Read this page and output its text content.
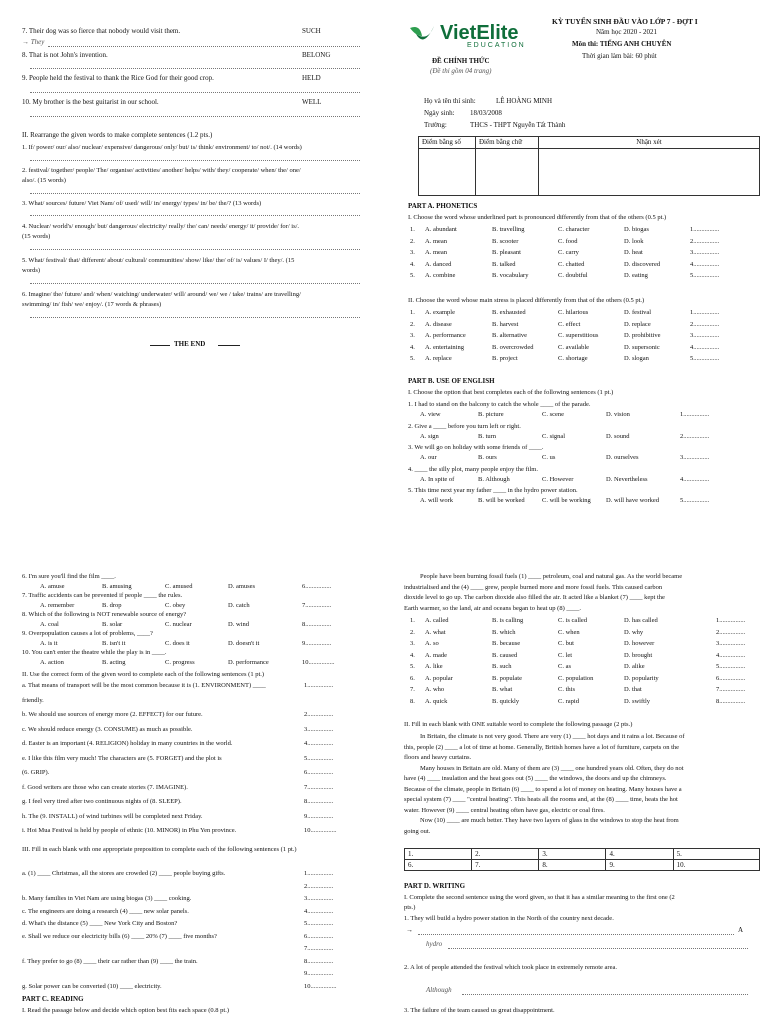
7. Their dog was so fierce that nobody would visit them.	SUCH
→ They
8. That is not John's invention.	BELONG
9. People held the festival to thank the Rice God for their good crop.	HELD
10. My brother is the best guitarist in our school.	WELL
II. Rearrange the given words to make complete sentences (1.2 pts.)
1. If/ power/ our/ also/ nuclear/ expensive/ dangerous/ only/ but/ is/ think/ environment/ to/ not/. (14 words)
2. festival/ together/ people/ The/ organise/ activities/ another/ helps/ with/ they/ cooperate/ when/ the/ one/
also/. (15 words)
3. What/ sources/ future/ Viet Nam/ of/ used/ will/ in/ energy/ types/ in/ be/ the/? (13 words)
4. Nuclear/ world's/ enough/ but/ dangerous/ electricity/ really/ the/ can/ needs/ energy/ it/ provide/ for/ is/.
(15 words)
5. What/ festival/ that/ different/ about/ cultural/ communities/ show/ like/ the/ of/ is/ values/ I/ they/. (15
words)
6. Imagine/ the/ future/ and/ when/ watching/ underwater/ will/ around/ we/ we / take/ trains/ are travelling/
swimming/ in/ fish/ we/ enjoy/. (17 words & phrases)
THE END
VietElite
EDUCATION
KỲ TUYỂN SINH ĐẦU VÀO LỚP 7 - ĐỢT I
Năm học 2020 - 2021
Môn thi: TIẾNG ANH CHUYÊN
Thời gian làm bài: 60 phút
ĐỀ CHÍNH THỨC
(Đề thi gồm 04 trang)
Họ và tên thí sinh:	LÊ HOÀNG MINH
Ngày sinh: 18/03/2008
Trường:	THCS - THPT Nguyễn Tất Thành
Điểm bằng số	Điểm bằng chữ	Nhận xét

PART A. PHONETICS
I. Choose the word whose underlined part is pronounced differently from that of the others (0.5 pt.)
II. Choose the word whose main stress is placed differently from that of the others (0.5 pt.)
PART B. USE OF ENGLISH
I. Choose the option that best completes each of the following sentences (1 pt.)
II. Use the correct form of the given word to complete each of the following sentences (1 pt.)
III. Fill in each blank with one appropriate preposition to complete each of the following sentences (1 pt.)
PART C. READING
I. Read the passage below and decide which option best fits each space (0.8 pt.)
II. Fill in each blank with ONE suitable word to complete the following passage (2 pts.)
1.	2.	3.	4.	5.
6.	7.	8.	9.	10.
PART D. WRITING
I. Complete the second sentence using the word given, so that it has a similar meaning to the first one (2
pts.)
1. They will build a hydro power station in the North of the country next decade.
→	A
hydro
2. A lot of people attended the festival which took place in extremely remote area.
Although
3. The failure of the team caused us great disappointment.
1. A. abundant	B. travelling	C. character	D. biogas	1................
2. A. mean	B. scooter	C. food	D. look	2................
3. A. mean	B. pleasant	C. carry	D. heat	3................
4. A. danced	B. talked	C. chatted	D. discovered	4................
5. A. combine	B. vocabulary	C. doubtful	D. eating	5................
1. A. example	B. exhausted	C. hilarious	D. festival	1................
2. A. disease	B. harvest	C. effect	D. replace	2................
3. A. performance	B. alternative	C. superstitious	D. prohibitive	3................
4. A. entertaining	B. overcrowded	C. available	D. supersonic	4................
5. A. replace	B. project	C. shortage	D. slogan	5................
1. A. called	B. is calling	C. is called	D. has called	1................
2. A. what	B. which	C. when	D. why	2................
3. A. so	B. because	C. but	D. however	3................
4. A. made	B. caused	C. let	D. brought	4................
5. A. like	B. such	C. as	D. alike	5................
6. A. popular	B. populate	C. population	D. popularity	6................
7. A. who	B. what	C. this	D. that	7................
8. A. quick	B. quickly	C. rapid	D. swiftly	8................
1. I had to stand on the balcony to catch the whole ____ of the parade.
A. view	B. picture	C. scene	D. vision	1................
2. Give a ____ before you turn left or right.
A. sign	B. turn	C. signal	D. sound	2................
3. We will go on holiday with some friends of ____.
A. our	B. ours	C. us	D. ourselves	3................
4. ____ the silly plot, many people enjoy the film.
A. In spite of	B. Although	C. However	D. Nevertheless	4................
5. This time next year my father ____ in the hydro power station.
A. will work	B. will be worked	C. will be working D. will have worked	5................
6. I'm sure you'll find the film ____.
A. amuse	B. amusing	C. amused	D. amuses	6................
7. Traffic accidents can be prevented if people ____ the rules.
A. remember	B. drop	C. obey	D. catch	7................
8. Which of the following is NOT renewable source of energy?
A. coal	B. solar	C. nuclear	D. wind	8................
9. Overpopulation causes a lot of problems, ____?
A. is it	B. isn't it	C. does it	D. doesn't it	9................
10. You can't enter the theatre while the play is in ____.
A. action	B. acting	C. progress	D. performance	10................
a. That means of transport will be the most common because it is (1. ENVIRONMENT) ____	1................
friendly.
b. We should use sources of energy more (2. EFFECT) for our future.	2................
c. We should reduce energy (3. CONSUME) as much as possible.	3................
d. Easter is an important (4. RELIGION) holiday in many countries in the world.	4................
e. I like this film very much! The characters are (5. FORGET) and the plot is	5................
(6. GRIP).	6................
f. Good writers are those who can create stories (7. IMAGINE).	7................
g. I feel very tired after two continuous nights of (8. SLEEP).	8................
h. The (9. INSTALL) of wind turbines will be completed next Friday.	9................
i. Hoi Mua Festival is held by people of ethnic (10. MINOR) in Phu Yen province.	10................
a. (1) ____ Christmas, all the stores are crowded (2) ____ people buying gifts.	1................
2................
b. Many families in Viet Nam are using biogas (3) ____ cooking.	3................
c. The engineers are doing a research (4) ____ new solar panels.	4................
d. What's the distance (5) ____ New York City and Boston?	5................
e. Shall we reduce our electricity bills (6) ____ 20% (7) ____ five months?	6................
7................
f. They prefer to go (8) ____ their car rather than (9) ____ the train.	8................
9................
g. Solar power can be converted (10) ____ electricity.	10................
People have been burning fossil fuels (1) ____ petroleum, coal and natural gas. As the world became
industrialised and the (4) ____ grew, people burned more and more fossil fuels. This caused carbon
dioxide level to go up. The carbon dioxide also filled the air. It acted like a blanket (7) ____ kept the
Earth warmer, so the land, air and oceans began to heat up (8) ____.
In Britain, the climate is not very good. There are very (1) ____ hot days and it rains a lot. Because of
this, people (2) ____ a lot of time at home. Generally, British homes have a lot of furniture, carpets on the
floors and heavy curtains.
Many houses in Britain are old. Many of them are (3) ____ one hundred years old. Often, they do not
have (4) ____ insulation and the heat goes out (5) ____ the windows, the doors and up the chimneys.
Because of the climate, people in Britain (6) ____ to spend a lot of money on heating. Many houses have a
special system (7) ____ "central heating". This heats all the rooms and, at the (8) ____ time, heats the hot
water. However (9) ____ central heating often have gas, electric or coal fires.
Now (10) ____ are much better. They have two layers of glass in the windows to stop the heat from
going out.
